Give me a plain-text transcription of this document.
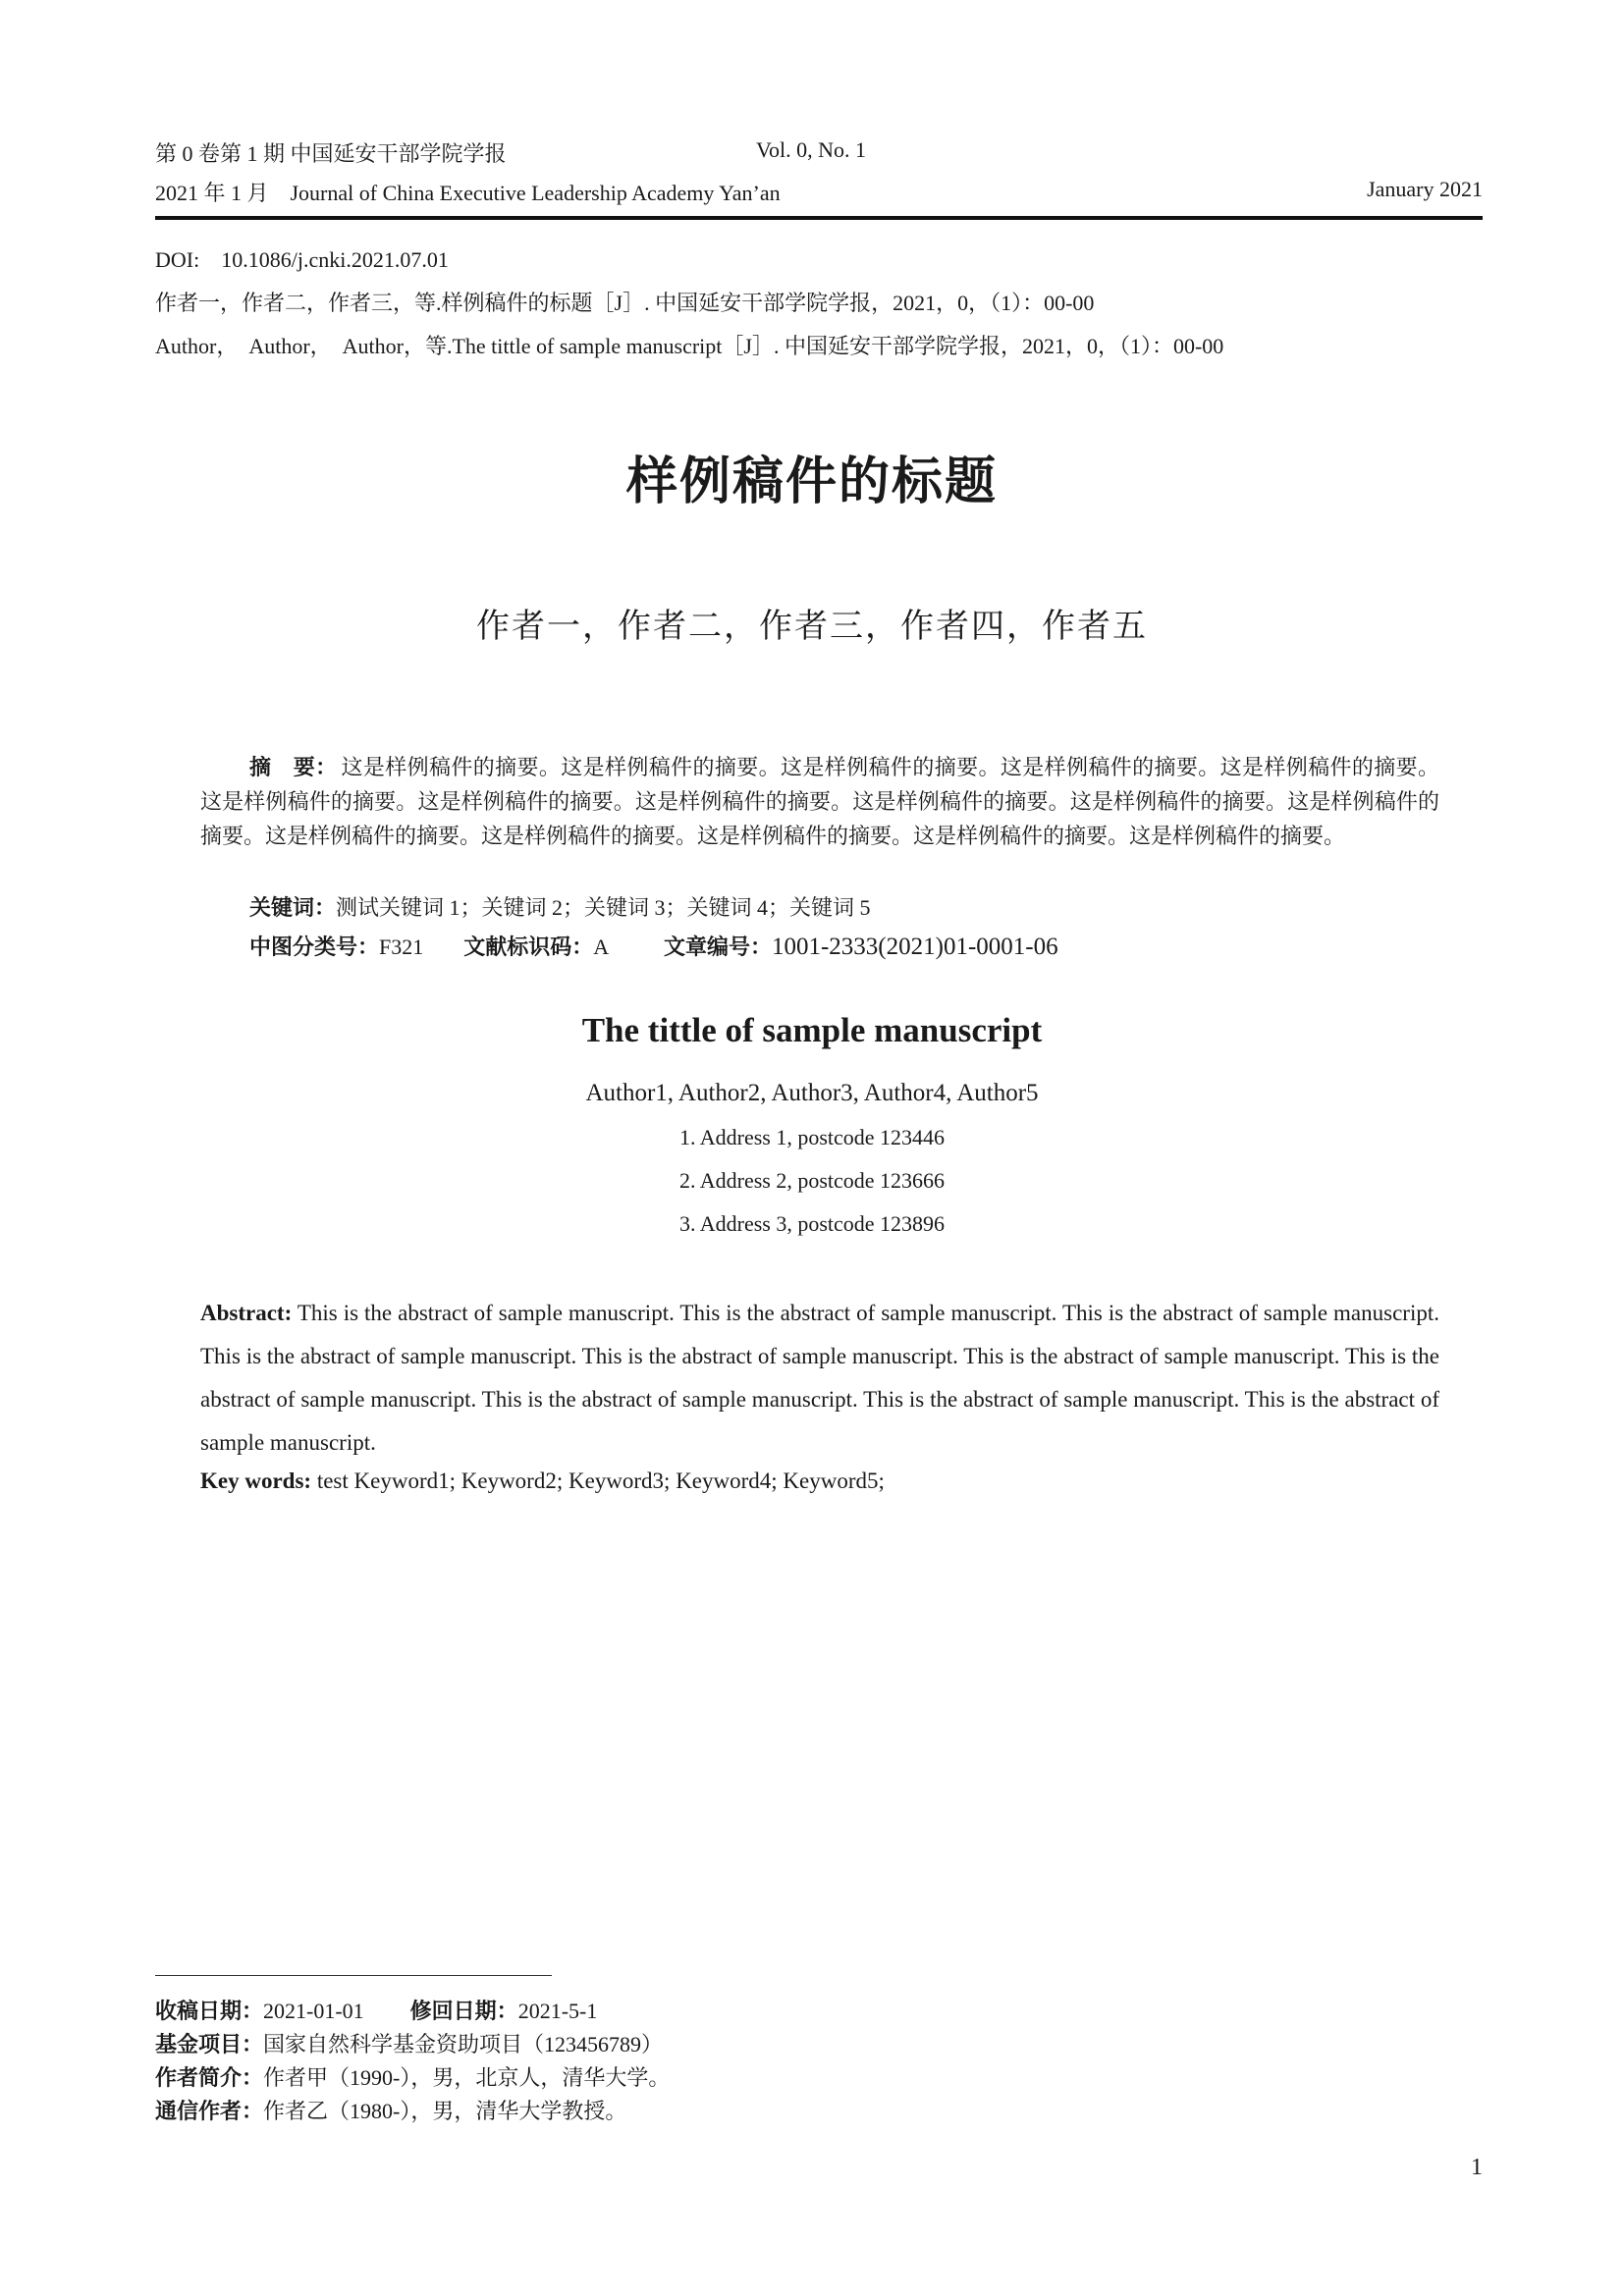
第 0 卷第 1 期 中国延安干部学院学报	Vol. 0, No. 1
2021 年 1 月　Journal of China Executive Leadership Academy Yan’an	January 2021
DOI:　10.1086/j.cnki.2021.07.01
作者一，作者二，作者三，等.样例稿件的标题［J］. 中国延安干部学院学报，2021，0，（1）：00-00
Author，　Author，　Author，等.The tittle of sample manuscript［J］. 中国延安干部学院学报，2021，0，（1）：00-00
样例稿件的标题
作者一，作者二，作者三，作者四，作者五
摘　要： 这是样例稿件的摘要。这是样例稿件的摘要。这是样例稿件的摘要。这是样例稿件的摘要。这是样例稿件的摘要。这是样例稿件的摘要。这是样例稿件的摘要。这是样例稿件的摘要。这是样例稿件的摘要。这是样例稿件的摘要。这是样例稿件的摘要。这是样例稿件的摘要。这是样例稿件的摘要。这是样例稿件的摘要。这是样例稿件的摘要。这是样例稿件的摘要。
关键词：测试关键词 1；关键词 2；关键词 3；关键词 4；关键词 5
中图分类号：F321 文献标识码：A	文章编号：1001-2333(2021)01-0001-06
The tittle of sample manuscript
Author1, Author2, Author3, Author4, Author5
1. Address 1, postcode 123446
2. Address 2, postcode 123666
3. Address 3, postcode 123896
Abstract: This is the abstract of sample manuscript. This is the abstract of sample manuscript. This is the abstract of sample manuscript. This is the abstract of sample manuscript. This is the abstract of sample manuscript. This is the abstract of sample manuscript. This is the abstract of sample manuscript. This is the abstract of sample manuscript. This is the abstract of sample manuscript. This is the abstract of sample manuscript.
Key words: test Keyword1; Keyword2; Keyword3; Keyword4; Keyword5;
收稿日期：2021-01-01 修回日期：2021-5-1
基金项目：国家自然科学基金资助项目（123456789）
作者简介：作者甲（1990-），男，北京人，清华大学。
通信作者：作者乙（1980-），男，清华大学教授。
1
